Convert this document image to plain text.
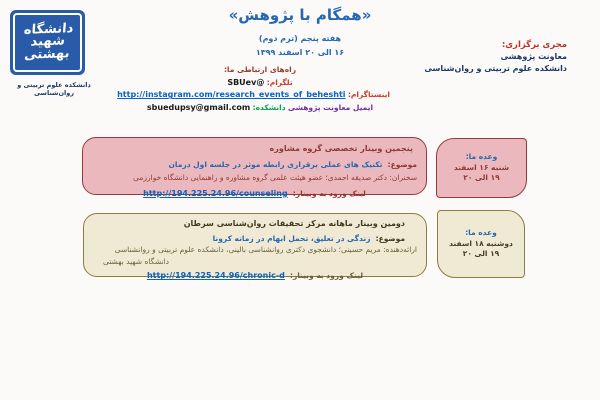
دانشگاه
شهید
بهشتی
دانشکده علوم تربیتی و روان‌شناسی
«همگام با پژوهش»
هفته پنجم (ترم دوم)
۱۶ الی ۲۰ اسفند ۱۳۹۹
مجری برگزاری:
معاونت پژوهشی
دانشکده علوم تربیتی و روان‌شناسی
راه‌های ارتباطی ما:
تلگرام: @SBUev
اینستاگرام: http://instagram.com/research_events_of_beheshti
ایمیل معاونت پژوهشی دانشکده: sbuedupsy@gmail.com
پنجمین وبینار تخصصی گروه مشاوره
موضوع: تکنیک های عملی برقراری رابطه موثر در جلسه اول درمان
سخنران: دکتر صدیقه احمدی؛ عضو هیئت علمی گروه مشاوره و راهنمایی دانشگاه خوارزمی
لینک ورود به وبینار: http://194.225.24.96/counseling
وعده ما:
شنبه ۱۶ اسفند
۱۹ الی ۲۰
دومین وبینار ماهانه مرکز تحقیقات روان‌شناسی سرطان
موضوع: زندگی در تعلیق، تحمل ابهام در زمانه کرونا
ارائه‌دهنده: مریم حسینی؛ دانشجوی دکتری روانشناسی بالینی، دانشکده علوم تربیتی و روانشناسی
دانشگاه شهید بهشتی
لینک ورود به وبینار: http://194.225.24.96/chronic-d
وعده ما:
دوشنبه ۱۸ اسفند
۱۹ الی ۲۰
